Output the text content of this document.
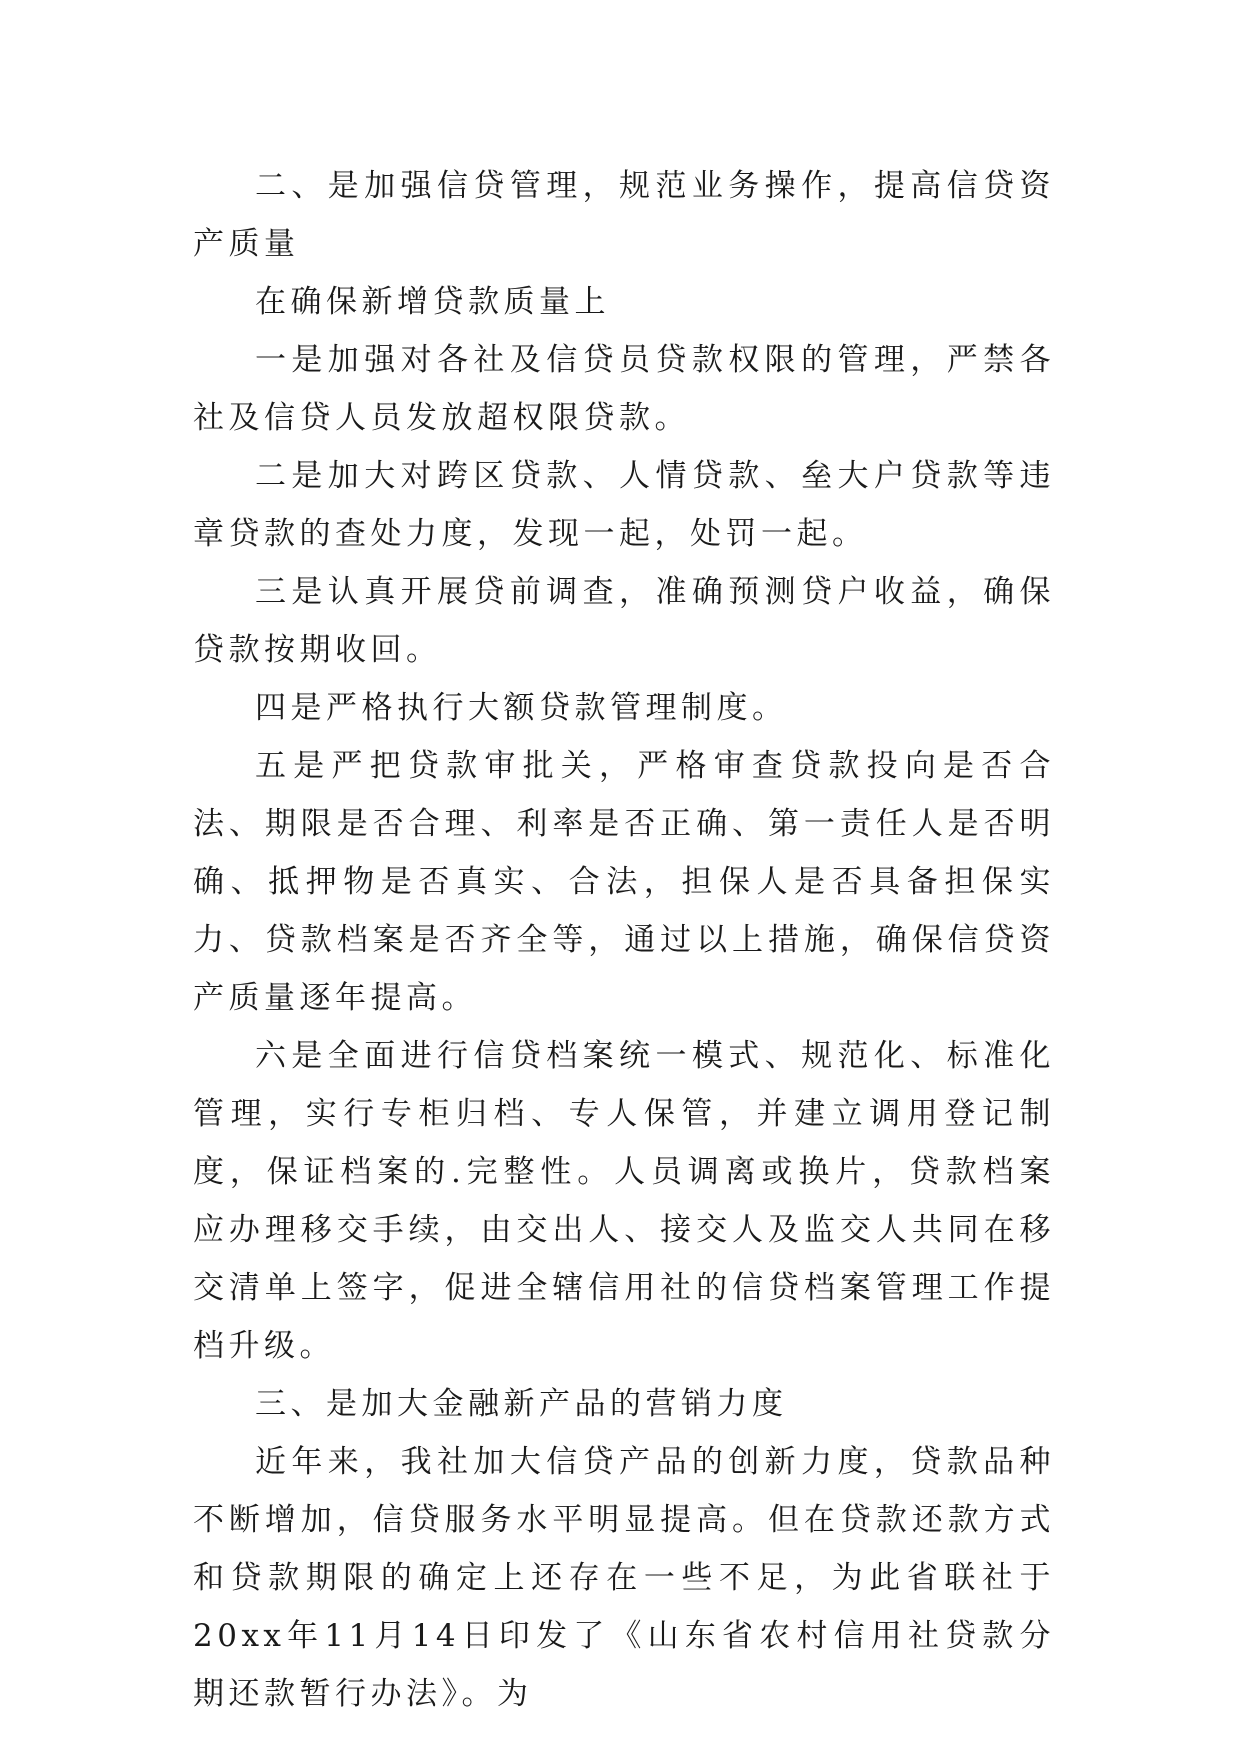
二、是加强信贷管理，规范业务操作，提高信贷资产质量

在确保新增贷款质量上

一是加强对各社及信贷员贷款权限的管理，严禁各社及信贷人员发放超权限贷款。

二是加大对跨区贷款、人情贷款、垒大户贷款等违章贷款的查处力度，发现一起，处罚一起。

三是认真开展贷前调查，准确预测贷户收益，确保贷款按期收回。

四是严格执行大额贷款管理制度。

五是严把贷款审批关，严格审查贷款投向是否合法、期限是否合理、利率是否正确、第一责任人是否明确、抵押物是否真实、合法，担保人是否具备担保实力、贷款档案是否齐全等，通过以上措施，确保信贷资产质量逐年提高。

六是全面进行信贷档案统一模式、规范化、标准化管理，实行专柜归档、专人保管，并建立调用登记制度，保证档案的.完整性。人员调离或换片，贷款档案应办理移交手续，由交出人、接交人及监交人共同在移交清单上签字，促进全辖信用社的信贷档案管理工作提档升级。

三、是加大金融新产品的营销力度

近年来，我社加大信贷产品的创新力度，贷款品种不断增加，信贷服务水平明显提高。但在贷款还款方式和贷款期限的确定上还存在一些不足，为此省联社于20xx年11月14日印发了《山东省农村信用社贷款分期还款暂行办法》。为
